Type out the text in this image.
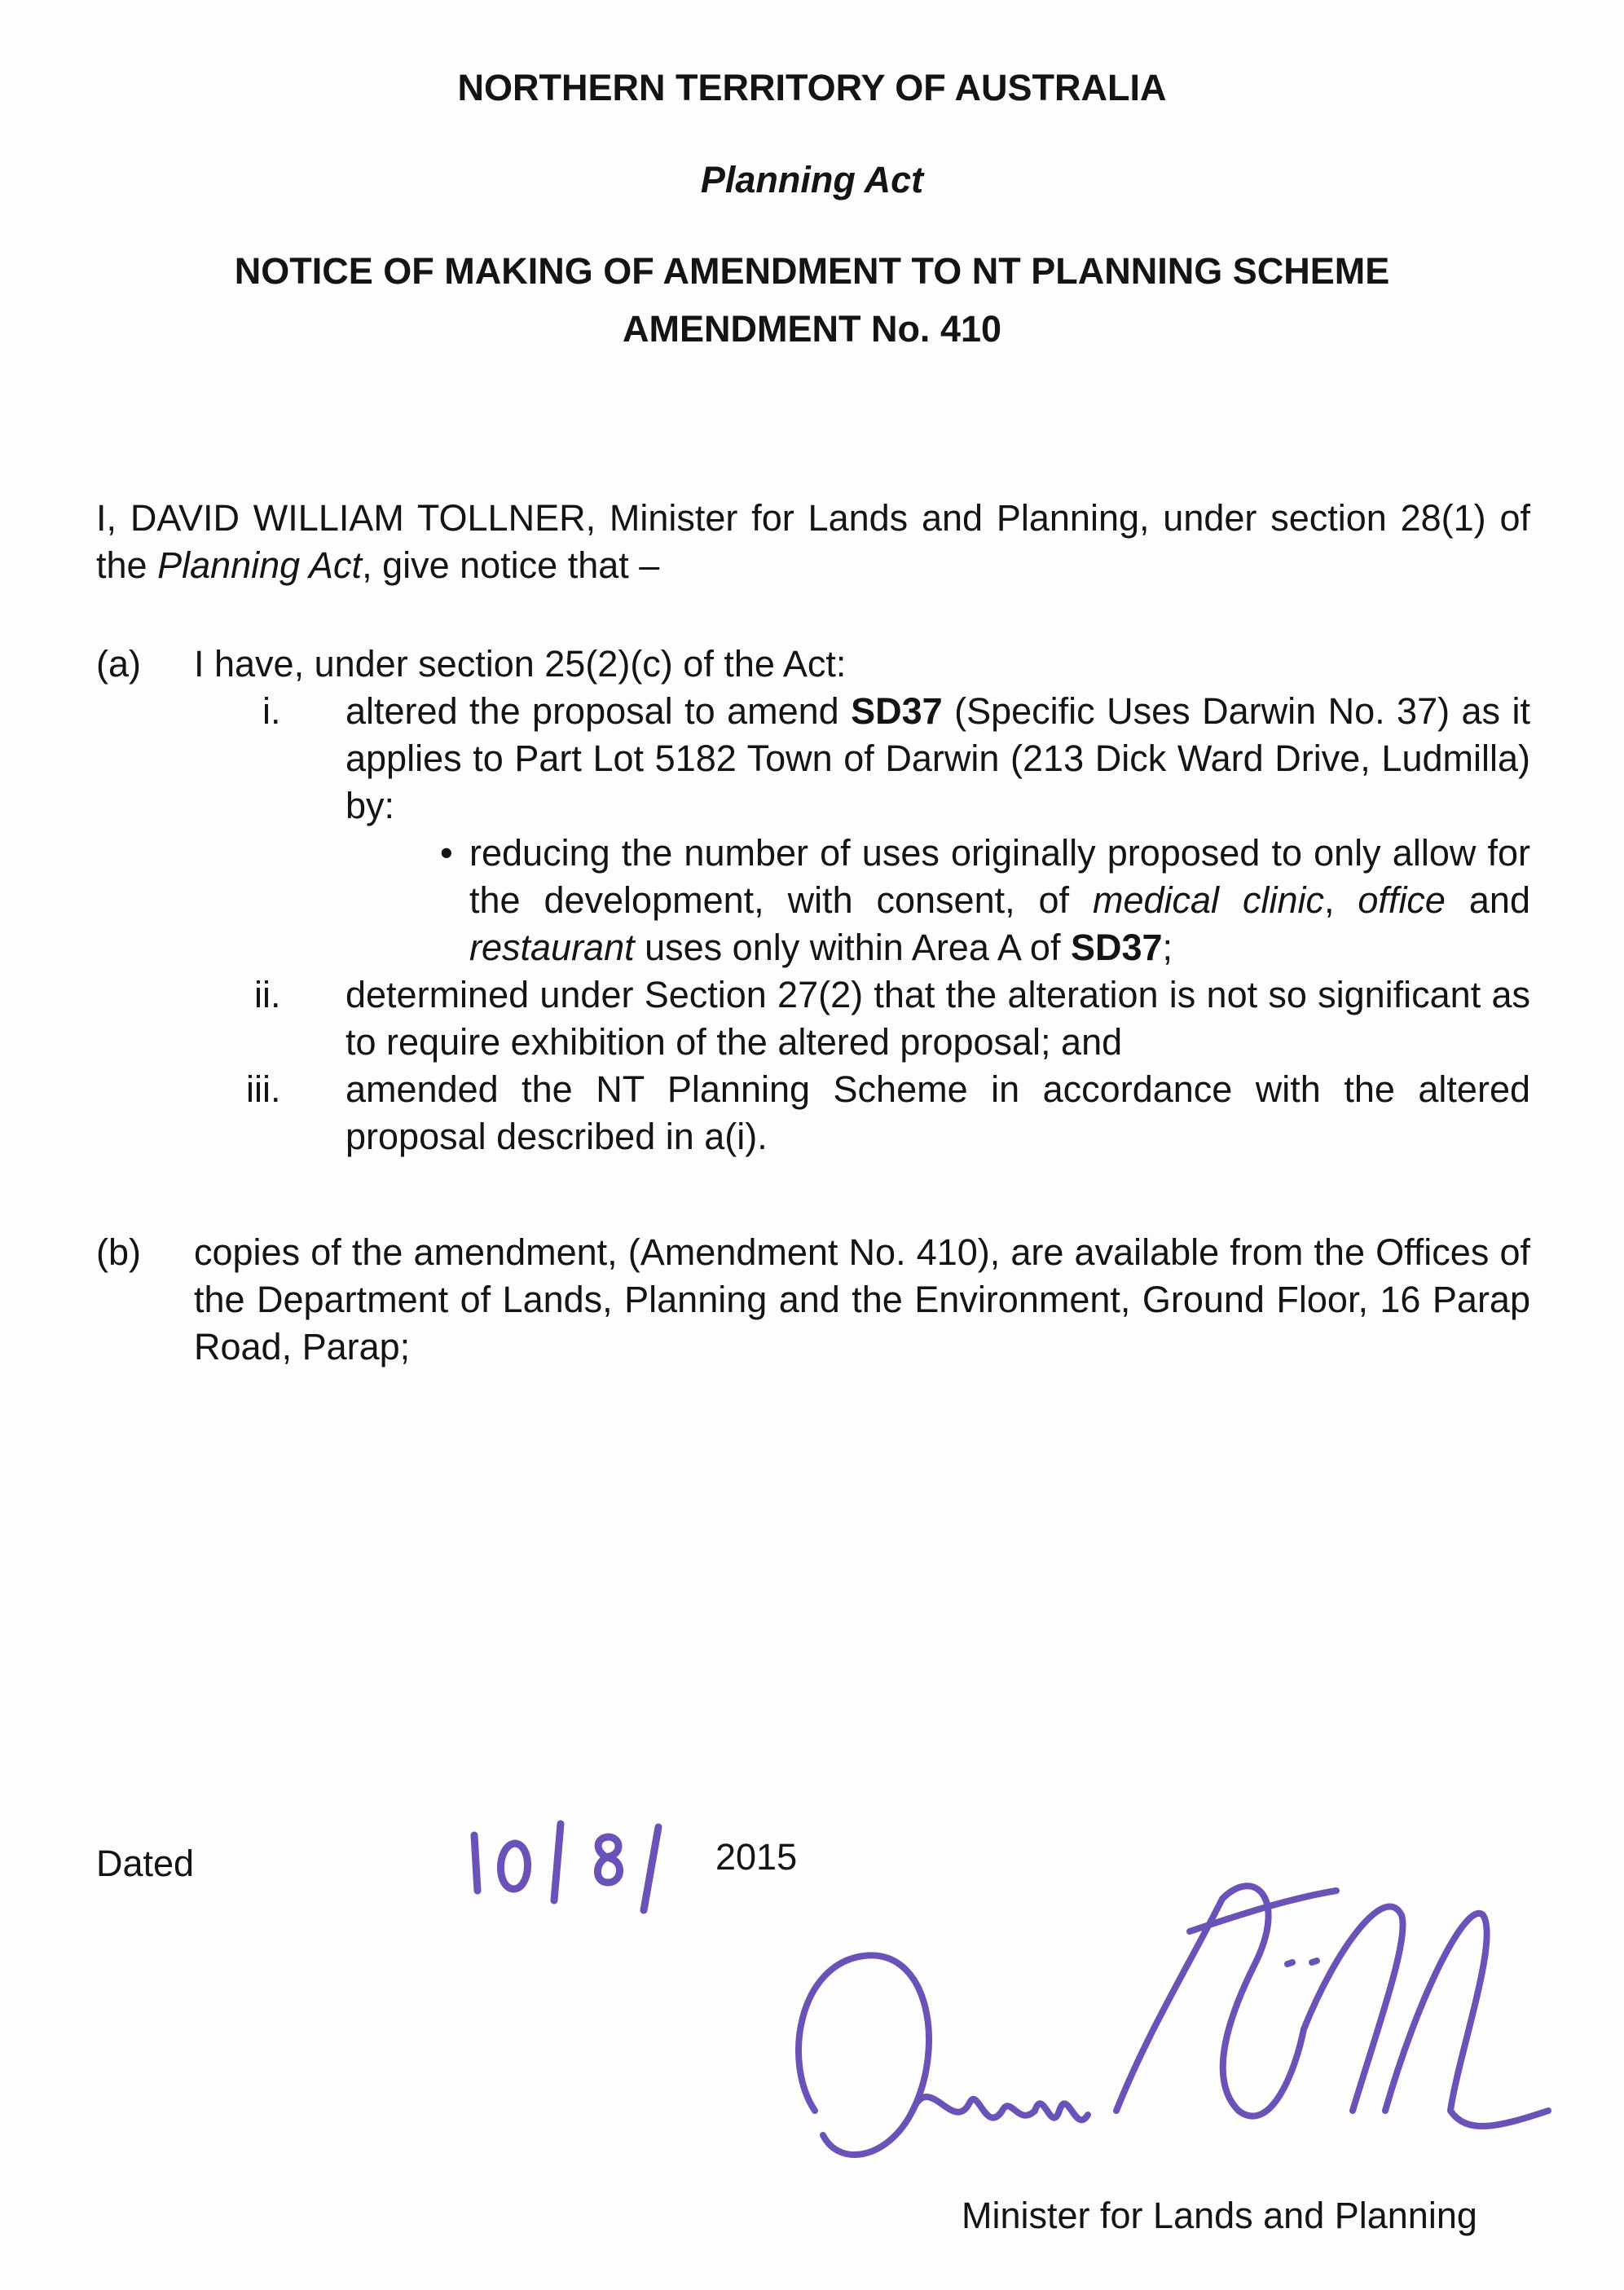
NORTHERN TERRITORY OF AUSTRALIA
Planning Act
NOTICE OF MAKING OF AMENDMENT TO NT PLANNING SCHEME
AMENDMENT No. 410
I, DAVID WILLIAM TOLLNER, Minister for Lands and Planning, under section 28(1) of the Planning Act, give notice that –
(a) I have, under section 25(2)(c) of the Act:
i. altered the proposal to amend SD37 (Specific Uses Darwin No. 37) as it applies to Part Lot 5182 Town of Darwin (213 Dick Ward Drive, Ludmilla) by:
• reducing the number of uses originally proposed to only allow for the development, with consent, of medical clinic, office and restaurant uses only within Area A of SD37;
ii. determined under Section 27(2) that the alteration is not so significant as to require exhibition of the altered proposal; and
iii. amended the NT Planning Scheme in accordance with the altered proposal described in a(i).
(b) copies of the amendment, (Amendment No. 410), are available from the Offices of the Department of Lands, Planning and the Environment, Ground Floor, 16 Parap Road, Parap;
Dated	2015
Minister for Lands and Planning
